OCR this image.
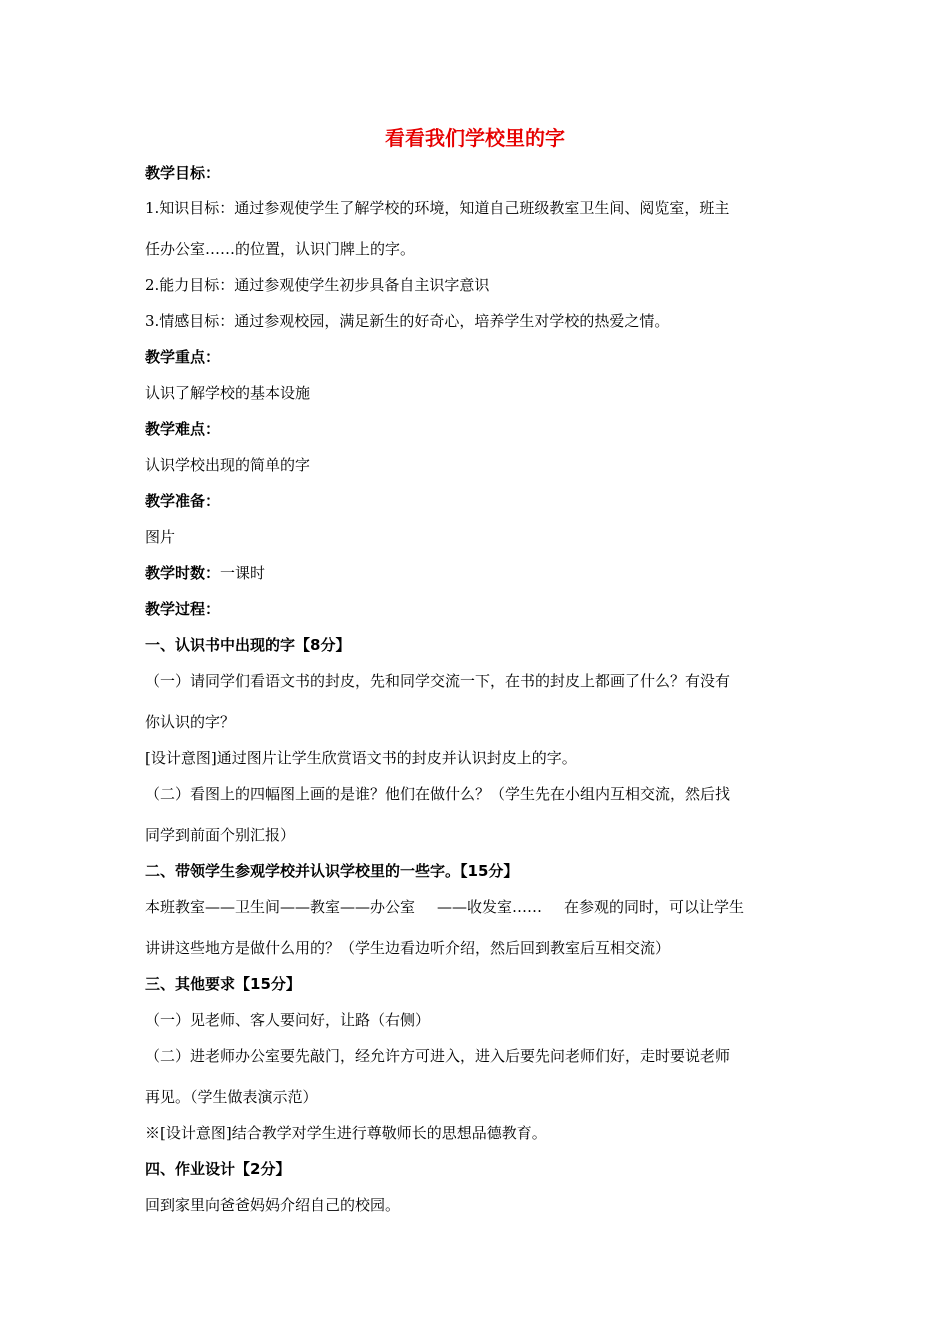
看看我们学校里的字
教学目标：
1.知识目标：通过参观使学生了解学校的环境，知道自己班级教室卫生间、阅览室，班主
任办公室……的位置，认识门牌上的字。
2.能力目标：通过参观使学生初步具备自主识字意识
3.情感目标：通过参观校园，满足新生的好奇心，培养学生对学校的热爱之情。
教学重点：
认识了解学校的基本设施
教学难点：
认识学校出现的简单的字
教学准备：
图片
教学时数：一课时
教学过程：
一、认识书中出现的字【8分】
（一）请同学们看语文书的封皮，先和同学交流一下，在书的封皮上都画了什么？有没有
你认识的字？
[设计意图]通过图片让学生欣赏语文书的封皮并认识封皮上的字。
（二）看图上的四幅图上画的是谁？他们在做什么？（学生先在小组内互相交流，然后找
同学到前面个别汇报）
二、带领学生参观学校并认识学校里的一些字。【15分】
本班教室——卫生间——教室——办公室 ——收发室…… 在参观的同时，可以让学生
讲讲这些地方是做什么用的？（学生边看边听介绍，然后回到教室后互相交流）
三、其他要求【15分】
（一）见老师、客人要问好，让路（右侧）
（二）进老师办公室要先敲门，经允许方可进入，进入后要先问老师们好，走时要说老师
再见。（学生做表演示范）
※[设计意图]结合教学对学生进行尊敬师长的思想品德教育。
四、作业设计【2分】
回到家里向爸爸妈妈介绍自己的校园。
